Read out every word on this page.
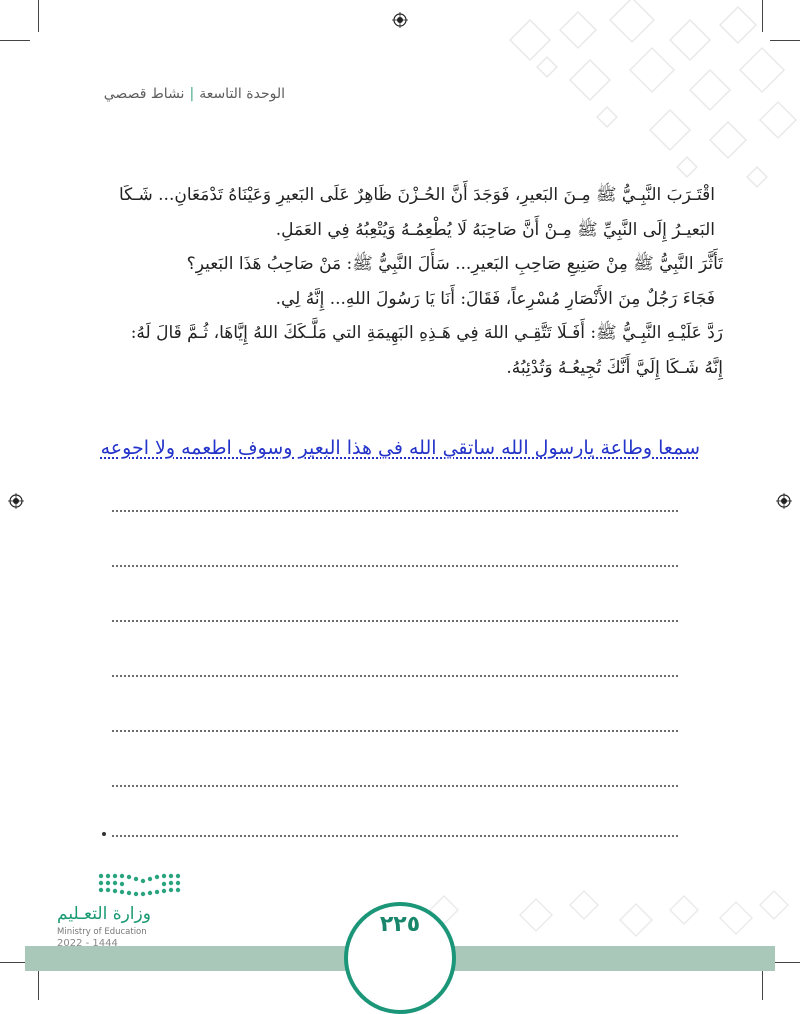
الوحدة التاسعة|نشاط قصصي
اقْتَـرَبَ النَّبِـيُّ ﷺ مِـنَ البَعيرِ، فَوَجَدَ أَنَّ الحُـزْنَ ظَاهِرٌ عَلَى البَعيرِ وَعَيْنَاهُ تَدْمَعَانِ... شَـكَا
البَعيـرُ إِلَى النَّبِيِّ ﷺ مِـنْ أَنَّ صَاحِبَهُ لَا يُطْعِمُـهُ وَيُتْعِبُهُ فِي العَمَلِ.
تَأَثَّرَ النَّبِيُّ ﷺ مِنْ صَنِيعِ صَاحِبِ البَعيرِ... سَأَلَ النَّبِيُّ ﷺ: مَنْ صَاحِبُ هَذَا البَعيرِ؟
فَجَاءَ رَجُلٌ مِنَ الأَنْصَارِ مُسْرِعاً، فَقَالَ: أَنَا يَا رَسُولَ اللهِ... إِنَّهُ لِي.
رَدَّ عَلَيْـهِ النَّبِـيُّ ﷺ: أَفَـلَا تَتَّقِـي اللهَ فِي هَـذِهِ البَهِيمَةِ التي مَلَّـكَكَ اللهُ إِيَّاهَا، ثُـمَّ قَالَ لَهُ:
إِنَّهُ شَـكَا إِلَيَّ أَنَّكَ تُجِيعُـهُ وَتُدْئِبُهُ.
سمعا وطاعة يارسول الله ساتقي الله في هذا البعير وسوف اطعمه ولا اجوعه
٢٢٥
وزارة التعـليم
Ministry of Education
2022 - 1444
